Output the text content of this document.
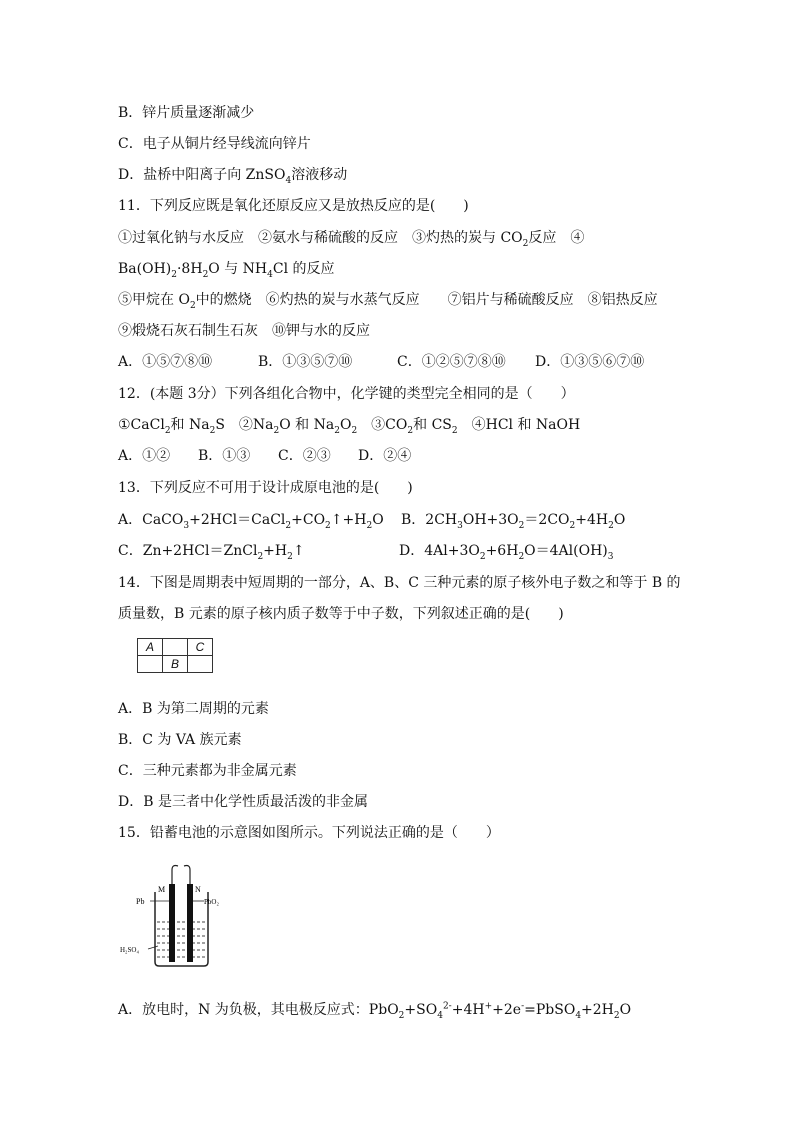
B．锌片质量逐渐减少
C．电子从铜片经导线流向锌片
D．盐桥中阳离子向 ZnSO$_4$溶液移动
11．下列反应既是氧化还原反应又是放热反应的是(　　)
①过氧化钠与水反应　②氨水与稀硫酸的反应　③灼热的炭与 $CO_2$反应　④
$Ba(OH)_2\cdot 8H_2O$ 与 $NH_4Cl$ 的反应
⑤甲烷在 $O_2$中的燃烧　⑥灼热的炭与水蒸气反应　　⑦铝片与稀硫酸反应　⑧铝热反应
⑨煅烧石灰石制生石灰　⑩钾与水的反应
A．①⑤⑦⑧⑩	B．①③⑤⑦⑩	C．①②⑤⑦⑧⑩ D．①③⑤⑥⑦⑩
12．(本题 3分）下列各组化合物中，化学键的类型完全相同的是（　　）
①CaCl$_2$和 $Na_2S$　$②Na_2O$ 和 $Na_2O_2$　$③CO_2$和 $CS_2$　④HCl 和 NaOH
A．①② B．①③ C．②③ D．②④
13．下列反应不可用于设计成原电池的是(　　)
A．$CaCO_3+2HCl=CaCl_2+CO_2↑+H_2O$ B．$2CH_3OH+3O_2=2CO_2+4H_2O$
C．$Zn+2HCl=ZnCl_2+H_2↑$	D．$4Al+3O_2+6H_2O=4Al(OH)_3$
14．下图是周期表中短周期的一部分，A、B、C 三种元素的原子核外电子数之和等于 B 的
质量数，B 元素的原子核内质子数等于中子数，下列叙述正确的是(　　)
A		C
	B	
A．B 为第二周期的元素
B．C 为 VA 族元素
C．三种元素都为非金属元素
D．B 是三者中化学性质最活泼的非金属
15．铅蓄电池的示意图如图所示。下列说法正确的是（　　）
M	N
Pb	PbO₂
H₂SO₄
A．放电时，N 为负极，其电极反应式：$PbO_2+SO_4^{2-}+4H^++2e^-=PbSO_4+2H_2O$
